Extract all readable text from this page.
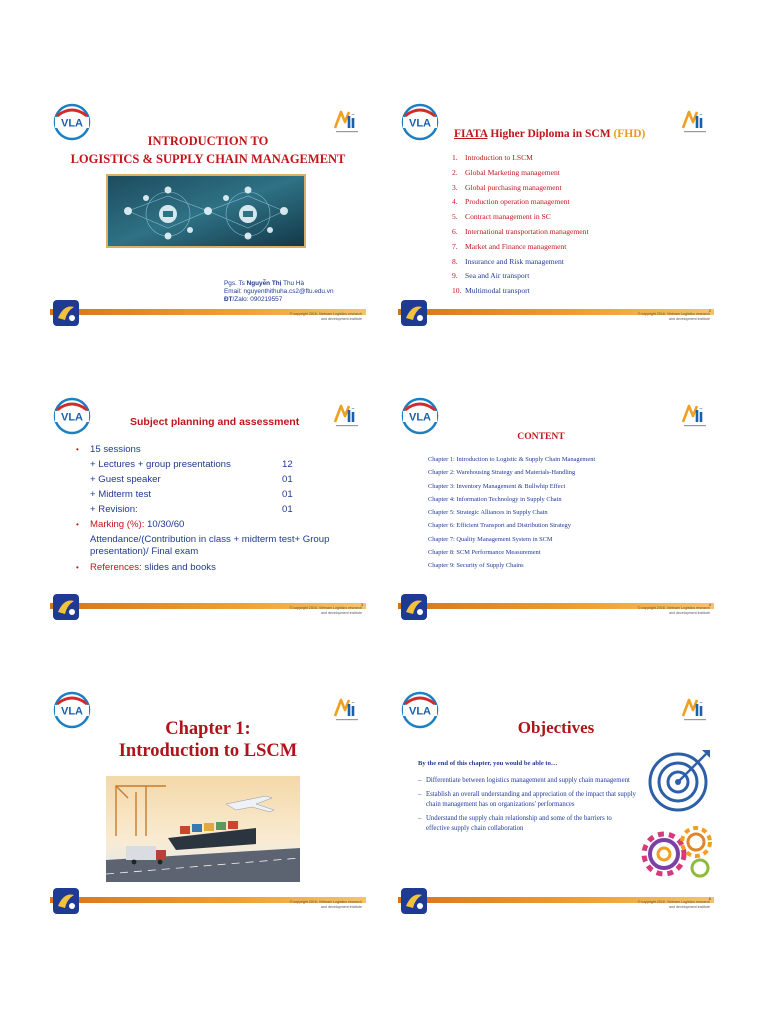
VLA
INTRODUCTION TO
LOGISTICS & SUPPLY CHAIN MANAGEMENT
Pgs. Ts Nguyễn Thị Thu Hà
Email: nguyenthithuha.cs2@ftu.edu.vn
ĐT/Zalo: 090219557
© copyright 2016, Vietnam Logistics research
and development institute
VLA
FIATA Higher Diploma in SCM (FHD)
1. Introduction to LSCM
2. Global Marketing management
3. Global purchasing management
4. Production operation management
5. Contract management in SC
6. International transportation management
7. Market and Finance management
8. Insurance and Risk management
9. Sea and Air transport
10. Multimodal transport
2
© copyright 2016, Vietnam Logistics research
and development institute
VLA	Subject planning and assessment
• 15 sessions
+ Lectures + group presentations	12
+ Guest speaker	01
+ Midterm test	01
+ Revision:	01
• Marking (%): 10/30/60
Attendance/(Contribution in class + midterm test+ Group presentation)/ Final exam
• References: slides and books
3
© copyright 2016, Vietnam Logistics research
and development institute
VLA
CONTENT
Chapter 1: Introduction to Logistic & Supply Chain Management
Chapter 2: Warehousing Strategy and Materials-Handling
Chapter 3: Inventory Management & Bullwhip Effect
Chapter 4: Information Technology in Supply Chain
Chapter 5: Strategic Alliances in Supply Chain
Chapter 6: Efficient Transport and Distribution Strategy
Chapter 7: Quality Management System in SCM
Chapter 8: SCM Performance Measurement
Chapter 9: Security of Supply Chains
4
© copyright 2016, Vietnam Logistics research
and development institute
VLA
Chapter 1:
Introduction to LSCM
© copyright 2016, Vietnam Logistics research
and development institute
VLA
Objectives
By the end of this chapter, you would be able to…
– Differentiate between logistics management and supply chain management
– Establish an overall understanding and appreciation of the impact that supply chain management has on organizations' performances
– Understand the supply chain relationship and some of the barriers to effective supply chain collaboration
6
© copyright 2016, Vietnam Logistics research
and development institute
